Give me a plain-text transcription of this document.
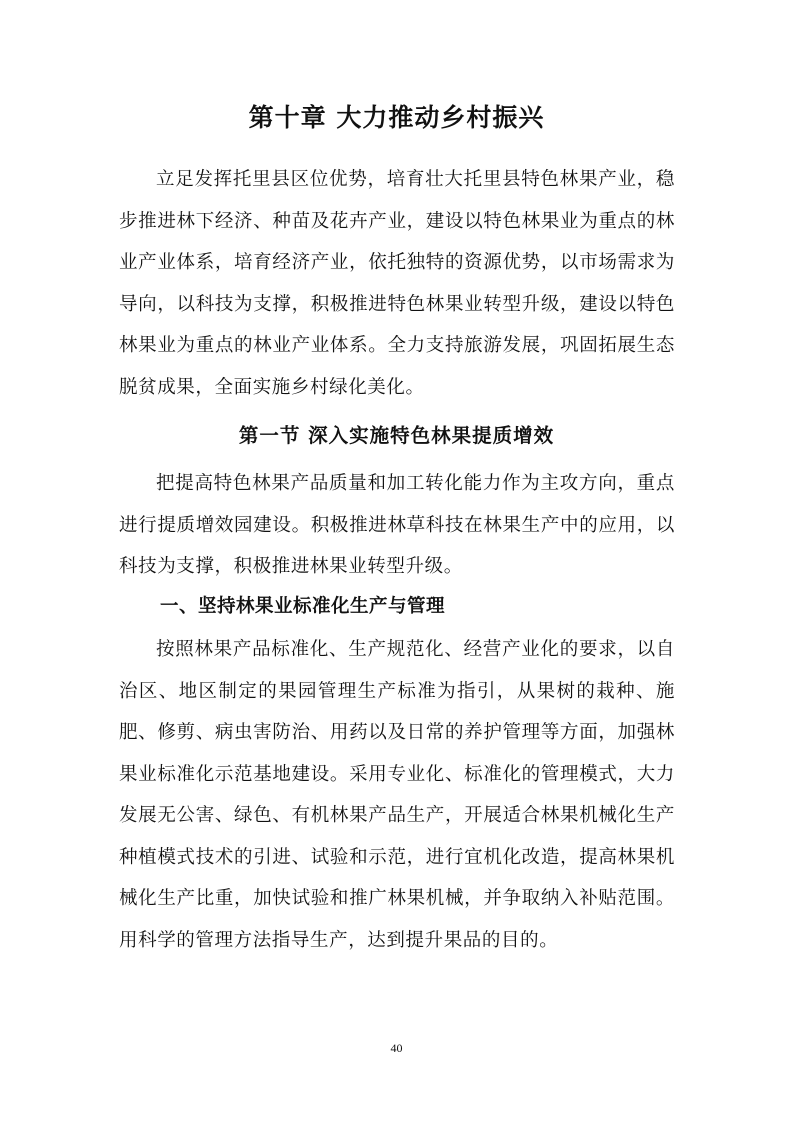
第十章 大力推动乡村振兴

立足发挥托里县区位优势，培育壮大托里县特色林果产业，稳步推进林下经济、种苗及花卉产业，建设以特色林果业为重点的林业产业体系，培育经济产业，依托独特的资源优势，以市场需求为导向，以科技为支撑，积极推进特色林果业转型升级，建设以特色林果业为重点的林业产业体系。全力支持旅游发展，巩固拓展生态脱贫成果，全面实施乡村绿化美化。

第一节 深入实施特色林果提质增效

把提高特色林果产品质量和加工转化能力作为主攻方向，重点进行提质增效园建设。积极推进林草科技在林果生产中的应用，以科技为支撑，积极推进林果业转型升级。

一、坚持林果业标准化生产与管理

按照林果产品标准化、生产规范化、经营产业化的要求，以自治区、地区制定的果园管理生产标准为指引，从果树的栽种、施肥、修剪、病虫害防治、用药以及日常的养护管理等方面，加强林果业标准化示范基地建设。采用专业化、标准化的管理模式，大力发展无公害、绿色、有机林果产品生产，开展适合林果机械化生产种植模式技术的引进、试验和示范，进行宜机化改造，提高林果机械化生产比重，加快试验和推广林果机械，并争取纳入补贴范围。用科学的管理方法指导生产，达到提升果品的目的。

40
